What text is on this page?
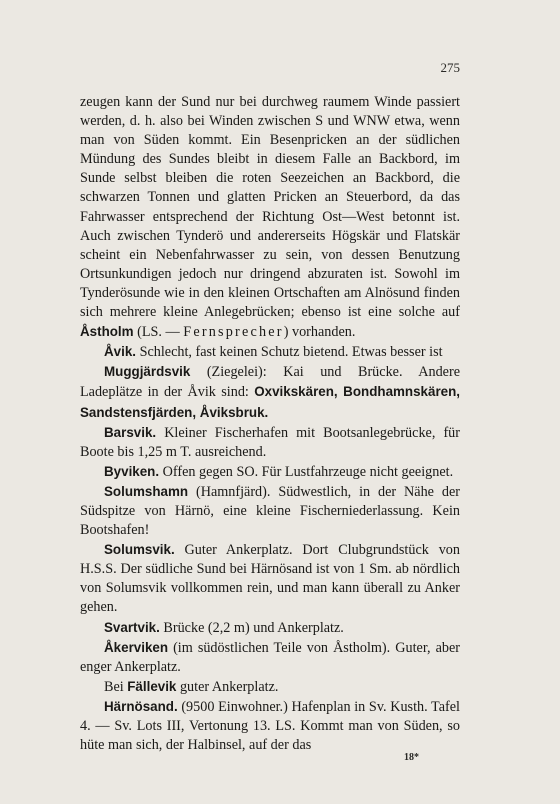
275

zeugen kann der Sund nur bei durchweg raumem Winde passiert werden, d. h. also bei Winden zwischen S und WNW etwa, wenn man von Süden kommt. Ein Besenpricken an der südlichen Mündung des Sundes bleibt in diesem Falle an Backbord, im Sunde selbst bleiben die roten Seezeichen an Backbord, die schwarzen Tonnen und glatten Pricken an Steuerbord, da das Fahrwasser entsprechend der Richtung Ost—West betonnt ist. Auch zwischen Tynderö und andererseits Högskär und Flatskär scheint ein Nebenfahrwasser zu sein, von dessen Benutzung Ortsunkundigen jedoch nur dringend abzuraten ist. Sowohl im Tynderösunde wie in den kleinen Ortschaften am Alnösund finden sich mehrere kleine Anlegebrücken; ebenso ist eine solche auf Åstholm (LS. — Fernsprecher) vorhanden.

Åvik. Schlecht, fast keinen Schutz bietend. Etwas besser ist

Muggjärdsvik (Ziegelei): Kai und Brücke. Andere Ladeplätze in der Åvik sind: Oxvikskären, Bondhamnskären, Sandstensfjärden, Åviksbruk.

Barsvik. Kleiner Fischerhafen mit Bootsanlegebrücke, für Boote bis 1,25 m T. ausreichend.

Byviken. Offen gegen SO. Für Lustfahrzeuge nicht geeignet.

Solumshamn (Hamnfjärd). Südwestlich, in der Nähe der Südspitze von Härnö, eine kleine Fischerniederlassung. Kein Bootshafen!

Solumsvik. Guter Ankerplatz. Dort Clubgrundstück von H.S.S. Der südliche Sund bei Härnösand ist von 1 Sm. ab nördlich von Solumsvik vollkommen rein, und man kann überall zu Anker gehen.

Svartvik. Brücke (2,2 m) und Ankerplatz.

Åkerviken (im südöstlichen Teile von Åstholm). Guter, aber enger Ankerplatz.

Bei Fällevik guter Ankerplatz.

Härnösand. (9500 Einwohner.) Hafenplan in Sv. Kusth. Tafel 4. — Sv. Lots III, Vertonung 13. LS. Kommt man von Süden, so hüte man sich, der Halbinsel, auf der das

18*
